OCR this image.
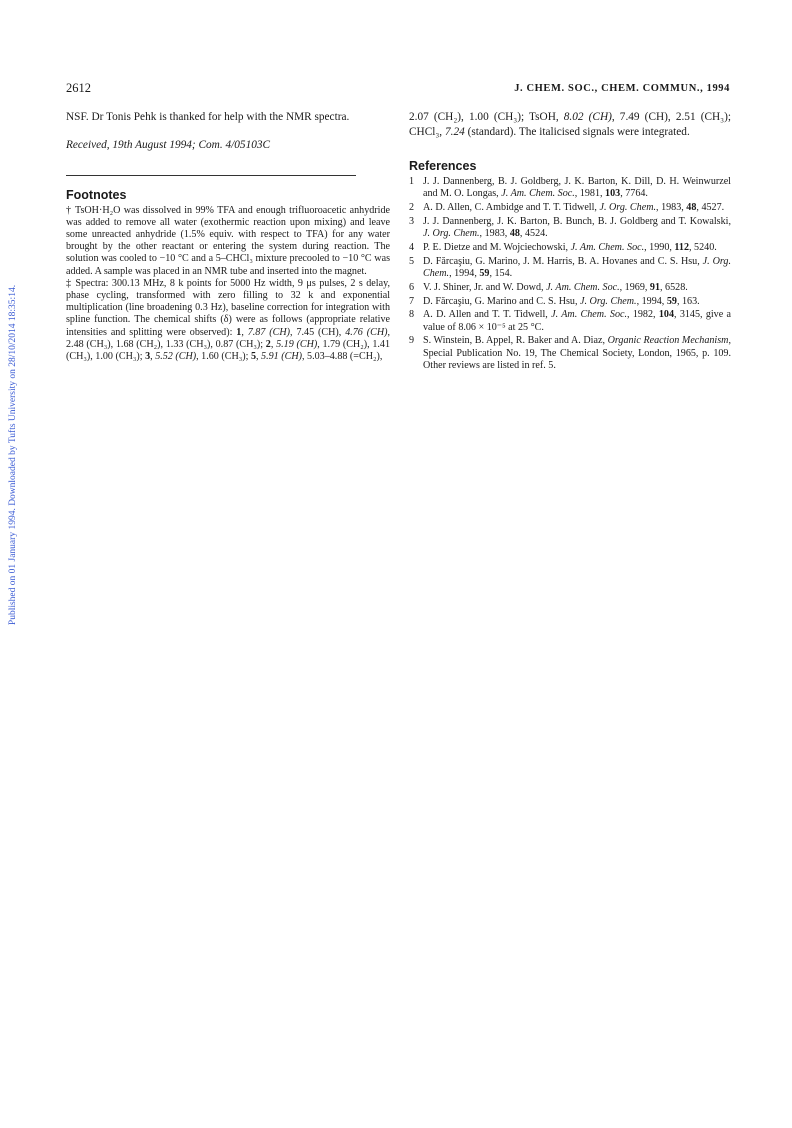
Published on 01 January 1994. Downloaded by Tufts University on 28/10/2014 18:35:14.
2612	J. CHEM. SOC., CHEM. COMMUN., 1994

NSF. Dr Tonis Pehk is thanked for help with the NMR spectra.

Received, 19th August 1994; Com. 4/05103C

Footnotes

† TsOH·H₂O was dissolved in 99% TFA and enough trifluoroacetic anhydride was added to remove all water (exothermic reaction upon mixing) and leave some unreacted anhydride (1.5% equiv. with respect to TFA) for any water brought by the other reactant or entering the system during reaction. The solution was cooled to −10 °C and a 5–CHCl₃ mixture precooled to −10 °C was added. A sample was placed in an NMR tube and inserted into the magnet.

‡ Spectra: 300.13 MHz, 8 k points for 5000 Hz width, 9 μs pulses, 2 s delay, phase cycling, transformed with zero filling to 32 k and exponential multiplication (line broadening 0.3 Hz), baseline correction for integration with spline function. The chemical shifts (δ) were as follows (appropriate relative intensities and splitting were observed): 1, 7.87 (CH), 7.45 (CH), 4.76 (CH), 2.48 (CH₃), 1.68 (CH₂), 1.33 (CH₃), 0.87 (CH₃); 2, 5.19 (CH), 1.79 (CH₂), 1.41 (CH₃), 1.00 (CH₃); 3, 5.52 (CH), 1.60 (CH₃); 5, 5.91 (CH), 5.03–4.88 (=CH₂),

2.07 (CH₂), 1.00 (CH₃); TsOH, 8.02 (CH), 7.49 (CH), 2.51 (CH₃); CHCl₃, 7.24 (standard). The italicised signals were integrated.

References
1 J. J. Dannenberg, B. J. Goldberg, J. K. Barton, K. Dill, D. H. Weinwurzel and M. O. Longas, J. Am. Chem. Soc., 1981, 103, 7764.
2 A. D. Allen, C. Ambidge and T. T. Tidwell, J. Org. Chem., 1983, 48, 4527.
3 J. J. Dannenberg, J. K. Barton, B. Bunch, B. J. Goldberg and T. Kowalski, J. Org. Chem., 1983, 48, 4524.
4 P. E. Dietze and M. Wojciechowski, J. Am. Chem. Soc., 1990, 112, 5240.
5 D. Fărcaşiu, G. Marino, J. M. Harris, B. A. Hovanes and C. S. Hsu, J. Org. Chem., 1994, 59, 154.
6 V. J. Shiner, Jr. and W. Dowd, J. Am. Chem. Soc., 1969, 91, 6528.
7 D. Fărcaşiu, G. Marino and C. S. Hsu, J. Org. Chem., 1994, 59, 163.
8 A. D. Allen and T. T. Tidwell, J. Am. Chem. Soc., 1982, 104, 3145, give a value of 8.06 × 10⁻⁵ at 25 °C.
9 S. Winstein, B. Appel, R. Baker and A. Diaz, Organic Reaction Mechanism, Special Publication No. 19, The Chemical Society, London, 1965, p. 109. Other reviews are listed in ref. 5.
